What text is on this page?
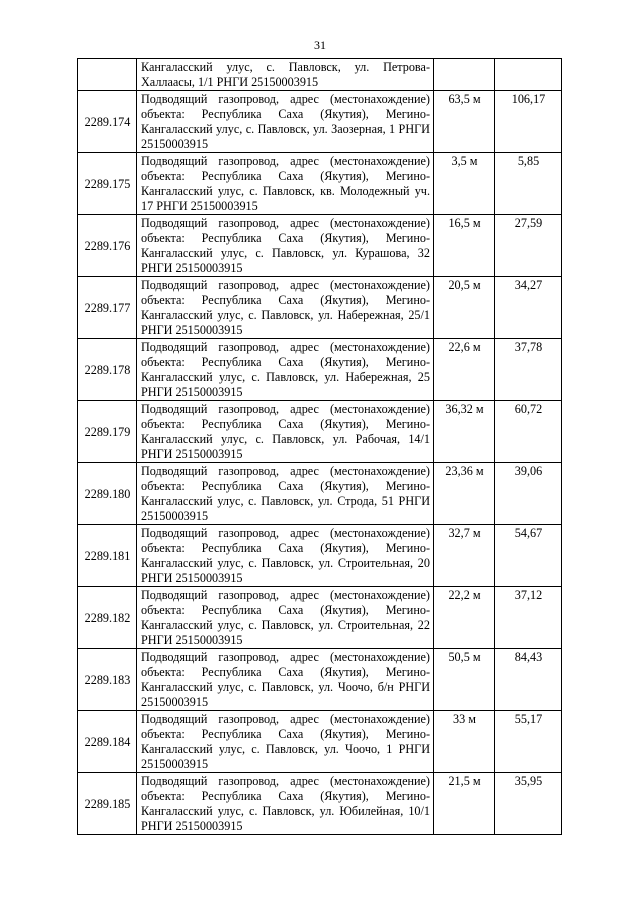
31

	Кангаласский улус, с. Павловск, ул. Петрова-Халлаасы, 1/1 РНГИ 25150003915		

2289.174	Подводящий газопровод, адрес (местонахождение) объекта: Республика Саха (Якутия), Мегино-Кангаласский улус, с. Павловск, ул. Заозерная, 1 РНГИ 25150003915	63,5 м	106,17
2289.175	Подводящий газопровод, адрес (местонахождение) объекта: Республика Саха (Якутия), Мегино-Кангаласский улус, с. Павловск, кв. Молодежный уч. 17 РНГИ 25150003915	3,5 м	5,85
2289.176	Подводящий газопровод, адрес (местонахождение) объекта: Республика Саха (Якутия), Мегино-Кангаласский улус, с. Павловск, ул. Курашова, 32 РНГИ 25150003915	16,5 м	27,59
2289.177	Подводящий газопровод, адрес (местонахождение) объекта: Республика Саха (Якутия), Мегино-Кангаласский улус, с. Павловск, ул. Набережная, 25/1 РНГИ 25150003915	20,5 м	34,27
2289.178	Подводящий газопровод, адрес (местонахождение) объекта: Республика Саха (Якутия), Мегино-Кангаласский улус, с. Павловск, ул. Набережная, 25 РНГИ 25150003915	22,6 м	37,78
2289.179	Подводящий газопровод, адрес (местонахождение) объекта: Республика Саха (Якутия), Мегино-Кангаласский улус, с. Павловск, ул. Рабочая, 14/1 РНГИ 25150003915	36,32 м	60,72
2289.180	Подводящий газопровод, адрес (местонахождение) объекта: Республика Саха (Якутия), Мегино-Кангаласский улус, с. Павловск, ул. Строда, 51 РНГИ 25150003915	23,36 м	39,06
2289.181	Подводящий газопровод, адрес (местонахождение) объекта: Республика Саха (Якутия), Мегино-Кангаласский улус, с. Павловск, ул. Строительная, 20 РНГИ 25150003915	32,7 м	54,67
2289.182	Подводящий газопровод, адрес (местонахождение) объекта: Республика Саха (Якутия), Мегино-Кангаласский улус, с. Павловск, ул. Строительная, 22 РНГИ 25150003915	22,2 м	37,12
2289.183	Подводящий газопровод, адрес (местонахождение) объекта: Республика Саха (Якутия), Мегино-Кангаласский улус, с. Павловск, ул. Чоочо, б/н РНГИ 25150003915	50,5 м	84,43
2289.184	Подводящий газопровод, адрес (местонахождение) объекта: Республика Саха (Якутия), Мегино-Кангаласский улус, с. Павловск, ул. Чоочо, 1 РНГИ 25150003915	33 м	55,17
2289.185	Подводящий газопровод, адрес (местонахождение) объекта: Республика Саха (Якутия), Мегино-Кангаласский улус, с. Павловск, ул. Юбилейная, 10/1 РНГИ 25150003915	21,5 м	35,95
